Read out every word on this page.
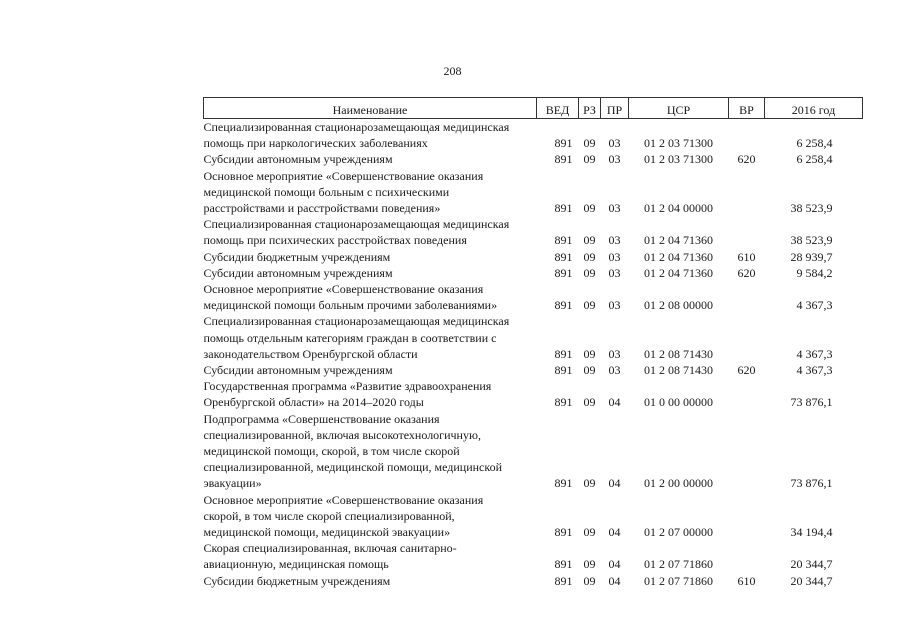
208
Наименование	ВЕД	РЗ	ПР	ЦСР	ВР	2016 год

Специализированная стационарозамещающая медицинская
помощь при наркологических заболеваниях	891	09	03	01 2 03 71300		6 258,4

Субсидии автономным учреждениям	891	09	03	01 2 03 71300	620	6 258,4

Основное мероприятие «Совершенствование оказания
медицинской помощи больным с психическими
расстройствами и расстройствами поведения»	891	09	03	01 2 04 00000		38 523,9

Специализированная стационарозамещающая медицинская
помощь при психических расстройствах поведения	891	09	03	01 2 04 71360		38 523,9

Субсидии бюджетным учреждениям	891	09	03	01 2 04 71360	610	28 939,7

Субсидии автономным учреждениям	891	09	03	01 2 04 71360	620	9 584,2

Основное мероприятие «Совершенствование оказания
медицинской помощи больным прочими заболеваниями»	891	09	03	01 2 08 00000		4 367,3

Специализированная стационарозамещающая медицинская
помощь отдельным категориям граждан в соответствии с
законодательством Оренбургской области	891	09	03	01 2 08 71430		4 367,3

Субсидии автономным учреждениям	891	09	03	01 2 08 71430	620	4 367,3

Государственная программа «Развитие здравоохранения
Оренбургской области» на 2014–2020 годы	891	09	04	01 0 00 00000		73 876,1

Подпрограмма «Совершенствование оказания
специализированной, включая высокотехнологичную,
медицинской помощи, скорой, в том числе скорой
специализированной, медицинской помощи, медицинской
эвакуации»	891	09	04	01 2 00 00000		73 876,1

Основное мероприятие «Совершенствование оказания
скорой, в том числе скорой специализированной,
медицинской помощи, медицинской эвакуации»	891	09	04	01 2 07 00000		34 194,4

Скорая специализированная, включая санитарно-
авиационную, медицинская помощь	891	09	04	01 2 07 71860		20 344,7

Субсидии бюджетным учреждениям	891	09	04	01 2 07 71860	610	20 344,7
